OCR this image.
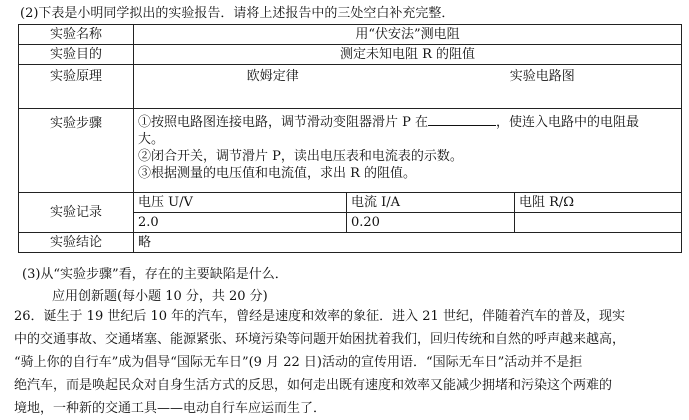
(2)下表是小明同学拟出的实验报告．请将上述报告中的三处空白补充完整．
实验名称	用“伏安法”测电阻		
实验目的	测定未知电阻 R 的阻值		
实验原理	欧姆定律 实验电路图		

实验步骤	①按照电路图连接电路，调节滑动变阻器滑片 P 在 ，使连入电路中的电阻最
大。
②闭合开关，调节滑片 P，读出电压表和电流表的示数。
③根据测量的电压值和电流值，求出 R 的阻值。		

实验记录	电压 U/V	电流 I/A	电阻 R/Ω
	2.0	0.20	
实验结论	略		
(3)从“实验步骤”看，存在的主要缺陷是什么．
应用创新题(每小题 10 分，共 20 分)
26．诞生于 19 世纪后 10 年的汽车，曾经是速度和效率的象征．进入 21 世纪，伴随着汽车的普及，现实
中的交通事故、交通堵塞、能源紧张、环境污染等问题开始困扰着我们，回归传统和自然的呼声越来越高，
“骑上你的自行车”成为倡导“国际无车日”(9 月 22 日)活动的宣传用语．“国际无车日”活动并不是拒
绝汽车，而是唤起民众对自身生活方式的反思，如何走出既有速度和效率又能减少拥堵和污染这个两难的
境地，一种新的交通工具——电动自行车应运而生了．
